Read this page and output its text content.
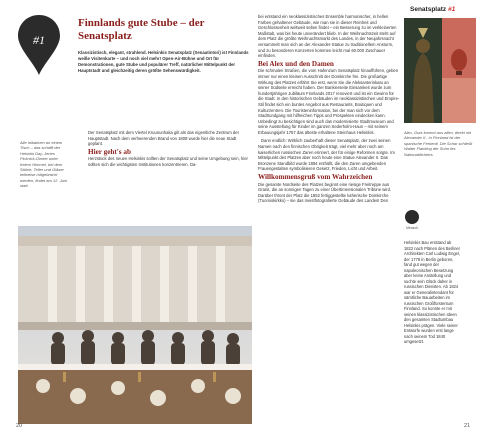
Senatsplatz #1
#1
Finnlands gute Stube – der Senatsplatz
Klassizistisch, elegant, strahlend. Helsinkis Senatsplatz (Senaatintori) ist Finnlands weiße Visitenkarte – und noch viel mehr! Open-Air-Bühne und Ort für Demonstrationen, gute Stube und populärer Treff, natürlicher Mittelpunkt der Hauptstadt und gleichzeitig deren größte Sehenswürdigkeit.
Alle Initiativen an einem Tisch – das schafft der Helsinki Day. Jenes Picknick-Dinner unter freiem Himmel, bei dem Stühle, Teller und Gläser teilweise mitgebracht werden, findet am 12. Juni statt.

Der Senatsplatz mit dem Viertel Kruununhaka gilt als das eigentliche Zentrum der Hauptstadt. Nach dem verheerenden Brand von 1808 wurde hier die neue Stadt geplant.

Hier geht's ab

Herzstück des neuen Helsinkis sollten der Senatsplatz und seine Umgebung sein, hier sollten sich die wichtigsten Institutionen konzentrieren. Da-

bei entstand ein neoklassizistisches Ensemble harmonischer, in hellen Farben gehaltener Gebäude, wie man sie in dieser Reinheit und Geschlossenheit weltweit selten findet – ein Besserung zu im verkleinerten Maßstab, was bis heute unverändert blieb. In der Weihnachtszeit steht auf dem Platz die größte Weihnachtsmarkt des Landes, in der Neujahrsnacht versammelt man sich an der Alexander-Statue zu traditionellem Ansturm, und zu besonderen Konzerten kommen leicht mal 60.000 Zuschauer einfinden.

Bei Alex und den Damen

Die schmalen Straßen, die vom Hafenzum Senatsplatz hinaufführen, geben immer nur einen kleinen Ausschnitt der Domkirche frei. Die großartige Wirkung des Platzes erfährt Sie erst, wenn Sie die Aleksanterinkatu an seiner Südseite erreicht haben. Der Bankierseite Einsamkeit wurde zum hundertjährigen Jubiläum Finnlands 2017 renoviert und ist ein Gewinn für die Stadt. In den historischen Gebäuden im neoklassizistischen und Empire-Stil findet sich ein buntes Angebot aus Restaurants, Boutiquen und Kulturzentren. Die Touristeninformation, bei der man sich vor dem Stadtrundgang mit hilfreichen Tipps und Prospekten eindecken kann. Unbedingt zu besichtigen sind auch das modernisierte Stadtmuseum und seine Ausstellung für Kinder im ganzen Sederholm-Haus – mit seinem Erbauungsjahr 1757 das älteste erhaltene Steinhaus Helsinkis.

Dann endlich: Wirklich zauberhaft dieser Senatsplatz, der zwei seinen Namen nach den finnischen Obrigkeit trägt, viel mehr aber noch am kaiserlichen russischen Zaren erinnert, der für einige Reformen sorgte. Im Mittelpunkt des Platzes aber noch heute eine Statue Alexander II. Das Bronzene Standbild wurde 1894 enthüllt, die den Zaren umgebenden Frauengestalten symbolisieren Gesetz, Frieden, Licht und Arbeit.

Willkommensgruß vom Wahrzeichen

Die gesamte Nordseite des Platzes beginnt eine riesige Freitreppe aus Granit, die an sonnigen Tagen zu einer Übertimensionalen Tribüne wird. Darüber thront der Platz die 1852 fertiggestellte lutherische Domkirche (Tuomiokirkko) – sie das meistfotografierte Gebäude des Landes! Den

Alko, Gutz kommt aus allen, direkt mit Alexander II., in Finnland ist der spanische Ferkentl. Die Schar schließt Walter Flanking der Sohn fes Nationaldichters.
Mensch
Helsinkis Bau entstand ab 1822 nach Plänen des Berliner Architekten Carl Ludwig Engel, der 1778 in Berlin geboren, fand gut wegen der napoleonischen Besetzung aber keine Anstellung und suchte sein Glück daher in russischen Diensten. Ab 1824 war er Generalintendant für sämtliche Bauarbeiten im russischen Großfürstentum Finnland. So konnte er mit seinen klassizistischen Ideen den gesamten Stadtumbau Helsinkis prägen. Viele seiner Entwürfe wurden erst lange nach seinem Tod 1840 umgesetzt.
20	21
